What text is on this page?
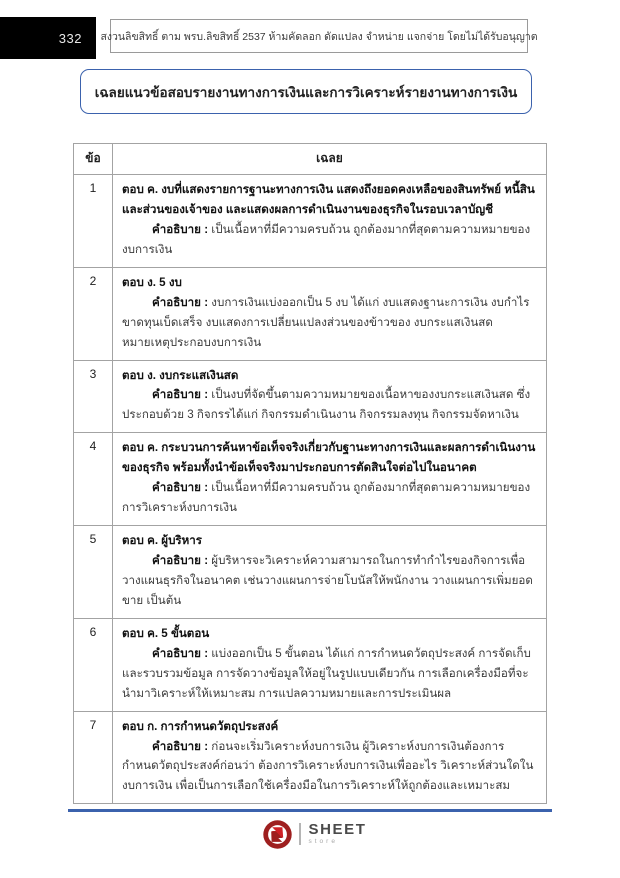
332 สงวนลิขสิทธิ์ ตาม พรบ.ลิขสิทธิ์ 2537 ห้ามคัดลอก ดัดแปลง จำหน่าย แจกจ่าย โดยไม่ได้รับอนุญาต
เฉลยแนวข้อสอบรายงานทางการเงินและการวิเคราะห์รายงานทางการเงิน
ข้อ	เฉลย
1	ตอบ ค. งบที่แสดงรายการฐานะทางการเงิน แสดงถึงยอดคงเหลือของสินทรัพย์ หนี้สินและส่วนของเจ้าของ และแสดงผลการดำเนินงานของธุรกิจในรอบเวลาบัญชี
คำอธิบาย : เป็นเนื้อหาที่มีความครบถ้วน ถูกต้องมากที่สุดตามความหมายของงบการเงิน

2	ตอบ ง. 5 งบ
คำอธิบาย : งบการเงินแบ่งออกเป็น 5 งบ ได้แก่ งบแสดงฐานะการเงิน งบกำไรขาดทุนเบ็ดเสร็จ งบแสดงการเปลี่ยนแปลงส่วนของข้าวของ งบกระแสเงินสด หมายเหตุประกอบงบการเงิน

3	ตอบ ง. งบกระแสเงินสด
คำอธิบาย : เป็นงบที่จัดขึ้นตามความหมายของเนื้อหาของงบกระแสเงินสด ซึ่งประกอบด้วย 3 กิจกรรได้แก่ กิจกรรมดำเนินงาน กิจกรรมลงทุน กิจกรรมจัดหาเงิน

4	ตอบ ค. กระบวนการค้นหาข้อเท็จจริงเกี่ยวกับฐานะทางการเงินและผลการดำเนินงานของธุรกิจ พร้อมทั้งนำข้อเท็จจริงมาประกอบการตัดสินใจต่อไปในอนาคต
คำอธิบาย : เป็นเนื้อหาที่มีความครบถ้วน ถูกต้องมากที่สุดตามความหมายของการวิเคราะห์งบการเงิน

5	ตอบ ค. ผู้บริหาร
คำอธิบาย : ผู้บริหารจะวิเคราะห์ความสามารถในการทำกำไรของกิจการเพื่อวางแผนธุรกิจในอนาคต เช่นวางแผนการจ่ายโบนัสให้พนักงาน วางแผนการเพิ่มยอดขาย เป็นต้น

6	ตอบ ค. 5 ขั้นตอน
คำอธิบาย : แบ่งออกเป็น 5 ขั้นตอน ได้แก่ การกำหนดวัตถุประสงค์ การจัดเก็บและรวบรวมข้อมูล การจัดวางข้อมูลให้อยู่ในรูปแบบเดียวกัน การเลือกเครื่องมือที่จะนำมาวิเคราะห์ให้เหมาะสม การแปลความหมายและการประเมินผล

7	ตอบ ก. การกำหนดวัตถุประสงค์
คำอธิบาย : ก่อนจะเริ่มวิเคราะห์งบการเงิน ผู้วิเคราะห์งบการเงินต้องการกำหนดวัตถุประสงค์ก่อนว่า ต้องการวิเคราะห์งบการเงินเพื่ออะไร วิเคราะห์ส่วนใดในงบการเงิน เพื่อเป็นการเลือกใช้เครื่องมือในการวิเคราะห์ให้ถูกต้องและเหมาะสม
SHEET
store
